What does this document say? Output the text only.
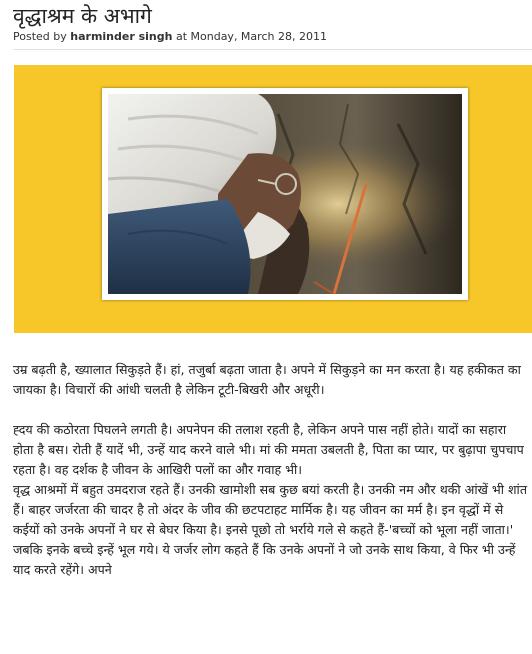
वृद्धाश्रम के अभागे
Posted by harminder singh at Monday, March 28, 2011

उम्र बढ़ती है, ख्यालात सिकुड़ते हैं। हां, तजुर्बा बढ़ता जाता है। अपने में सिकुड़ने का मन करता है। यह हकीकत का जायका है। विचारों की आंधी चलती है लेकिन टूटी-बिखरी और अधूरी।

ह्दय की कठोरता पिघलने लगती है। अपनेपन की तलाश रहती है, लेकिन अपने पास नहीं होते। यादों का सहारा होता है बस। रोती हैं यादें भी, उन्हें याद करने वाले भी। मां की ममता उबलती है, पिता का प्यार, पर बुढ़ापा चुपचाप रहता है। वह दर्शक है जीवन के आखिरी पलों का और गवाह भी।

वृद्ध आश्रमों में बहुत उमदराज रहते हैं। उनकी खामोशी सब कुछ बयां करती है। उनकी नम और थकी आंखें भी शांत हैं। बाहर जर्जरता की चादर है तो अंदर के जीव की छटपटाहट मार्मिक है। यह जीवन का मर्म है। इन वृद्धों में से कईयों को उनके अपनों ने घर से बेघर किया है। इनसे पूछो तो भर्राये गले से कहते हैं-'बच्चों को भूला नहीं जाता।' जबकि इनके बच्चे इन्हें भूल गये। ये जर्जर लोग कहते हैं कि उनके अपनों ने जो उनके साथ किया, वे फिर भी उन्हें याद करते रहेंगे। अपने
